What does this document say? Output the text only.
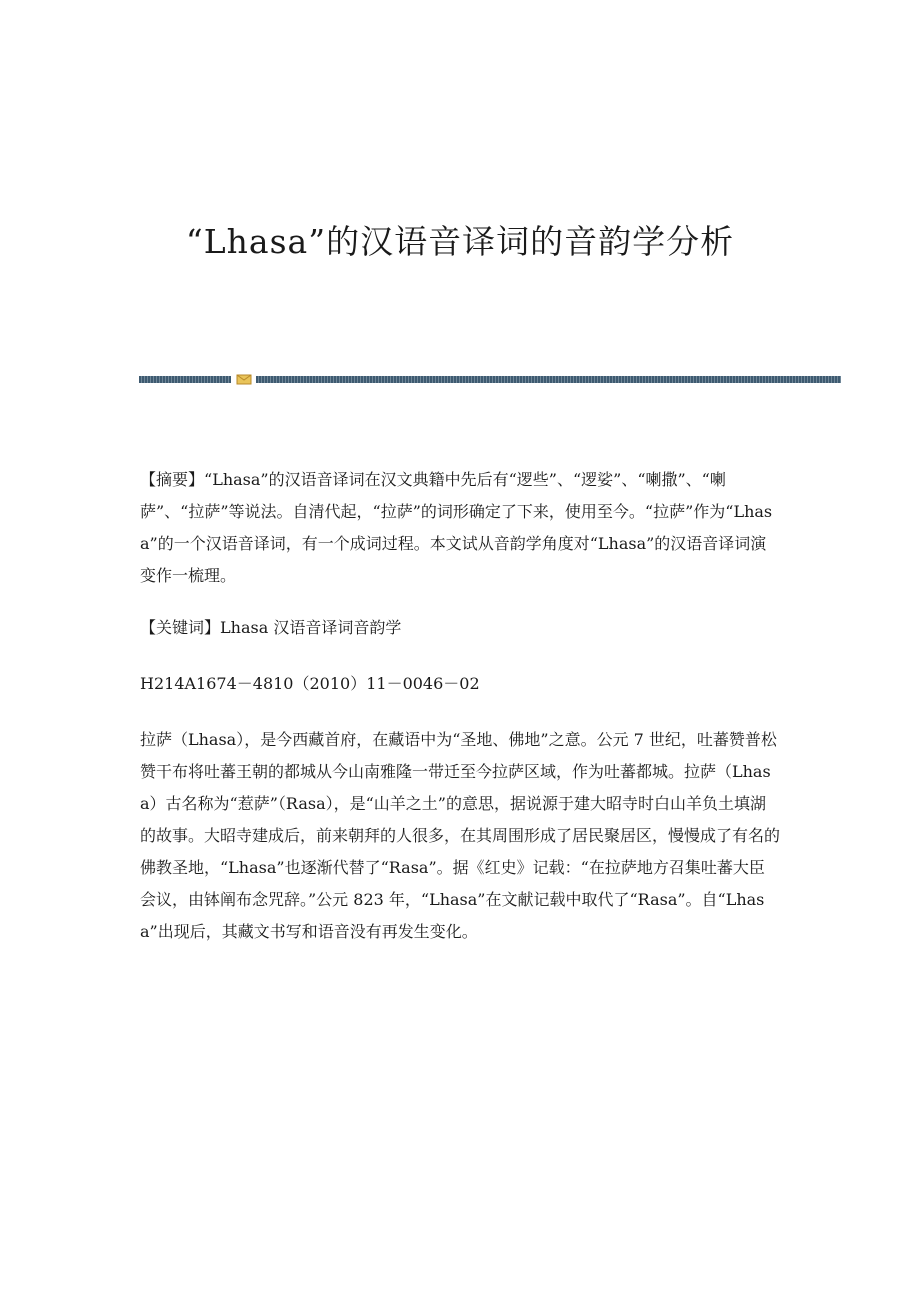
“Lhasa”的汉语音译词的音韵学分析

【摘要】“Lhasa”的汉语音译词在汉文典籍中先后有“逻些”、“逻娑”、“喇撒”、“喇萨”、“拉萨”等说法。自清代起，“拉萨”的词形确定了下来，使用至今。“拉萨”作为“Lhasa”的一个汉语音译词，有一个成词过程。本文试从音韵学角度对“Lhasa”的汉语音译词演变作一梳理。

【关键词】Lhasa 汉语音译词音韵学

H214A1674－4810（2010）11－0046－02

拉萨（Lhasa），是今西藏首府，在藏语中为“圣地、佛地”之意。公元 7 世纪，吐蕃赞普松赞干布将吐蕃王朝的都城从今山南雅隆一带迁至今拉萨区域，作为吐蕃都城。拉萨（Lhasa）古名称为“惹萨”（Rasa），是“山羊之土”的意思，据说源于建大昭寺时白山羊负土填湖的故事。大昭寺建成后，前来朝拜的人很多，在其周围形成了居民聚居区，慢慢成了有名的佛教圣地，“Lhasa”也逐渐代替了“Rasa”。据《红史》记载：“在拉萨地方召集吐蕃大臣会议，由钵阐布念咒辞。”公元 823 年，“Lhasa”在文献记载中取代了“Rasa”。自“Lhasa”出现后，其藏文书写和语音没有再发生变化。
